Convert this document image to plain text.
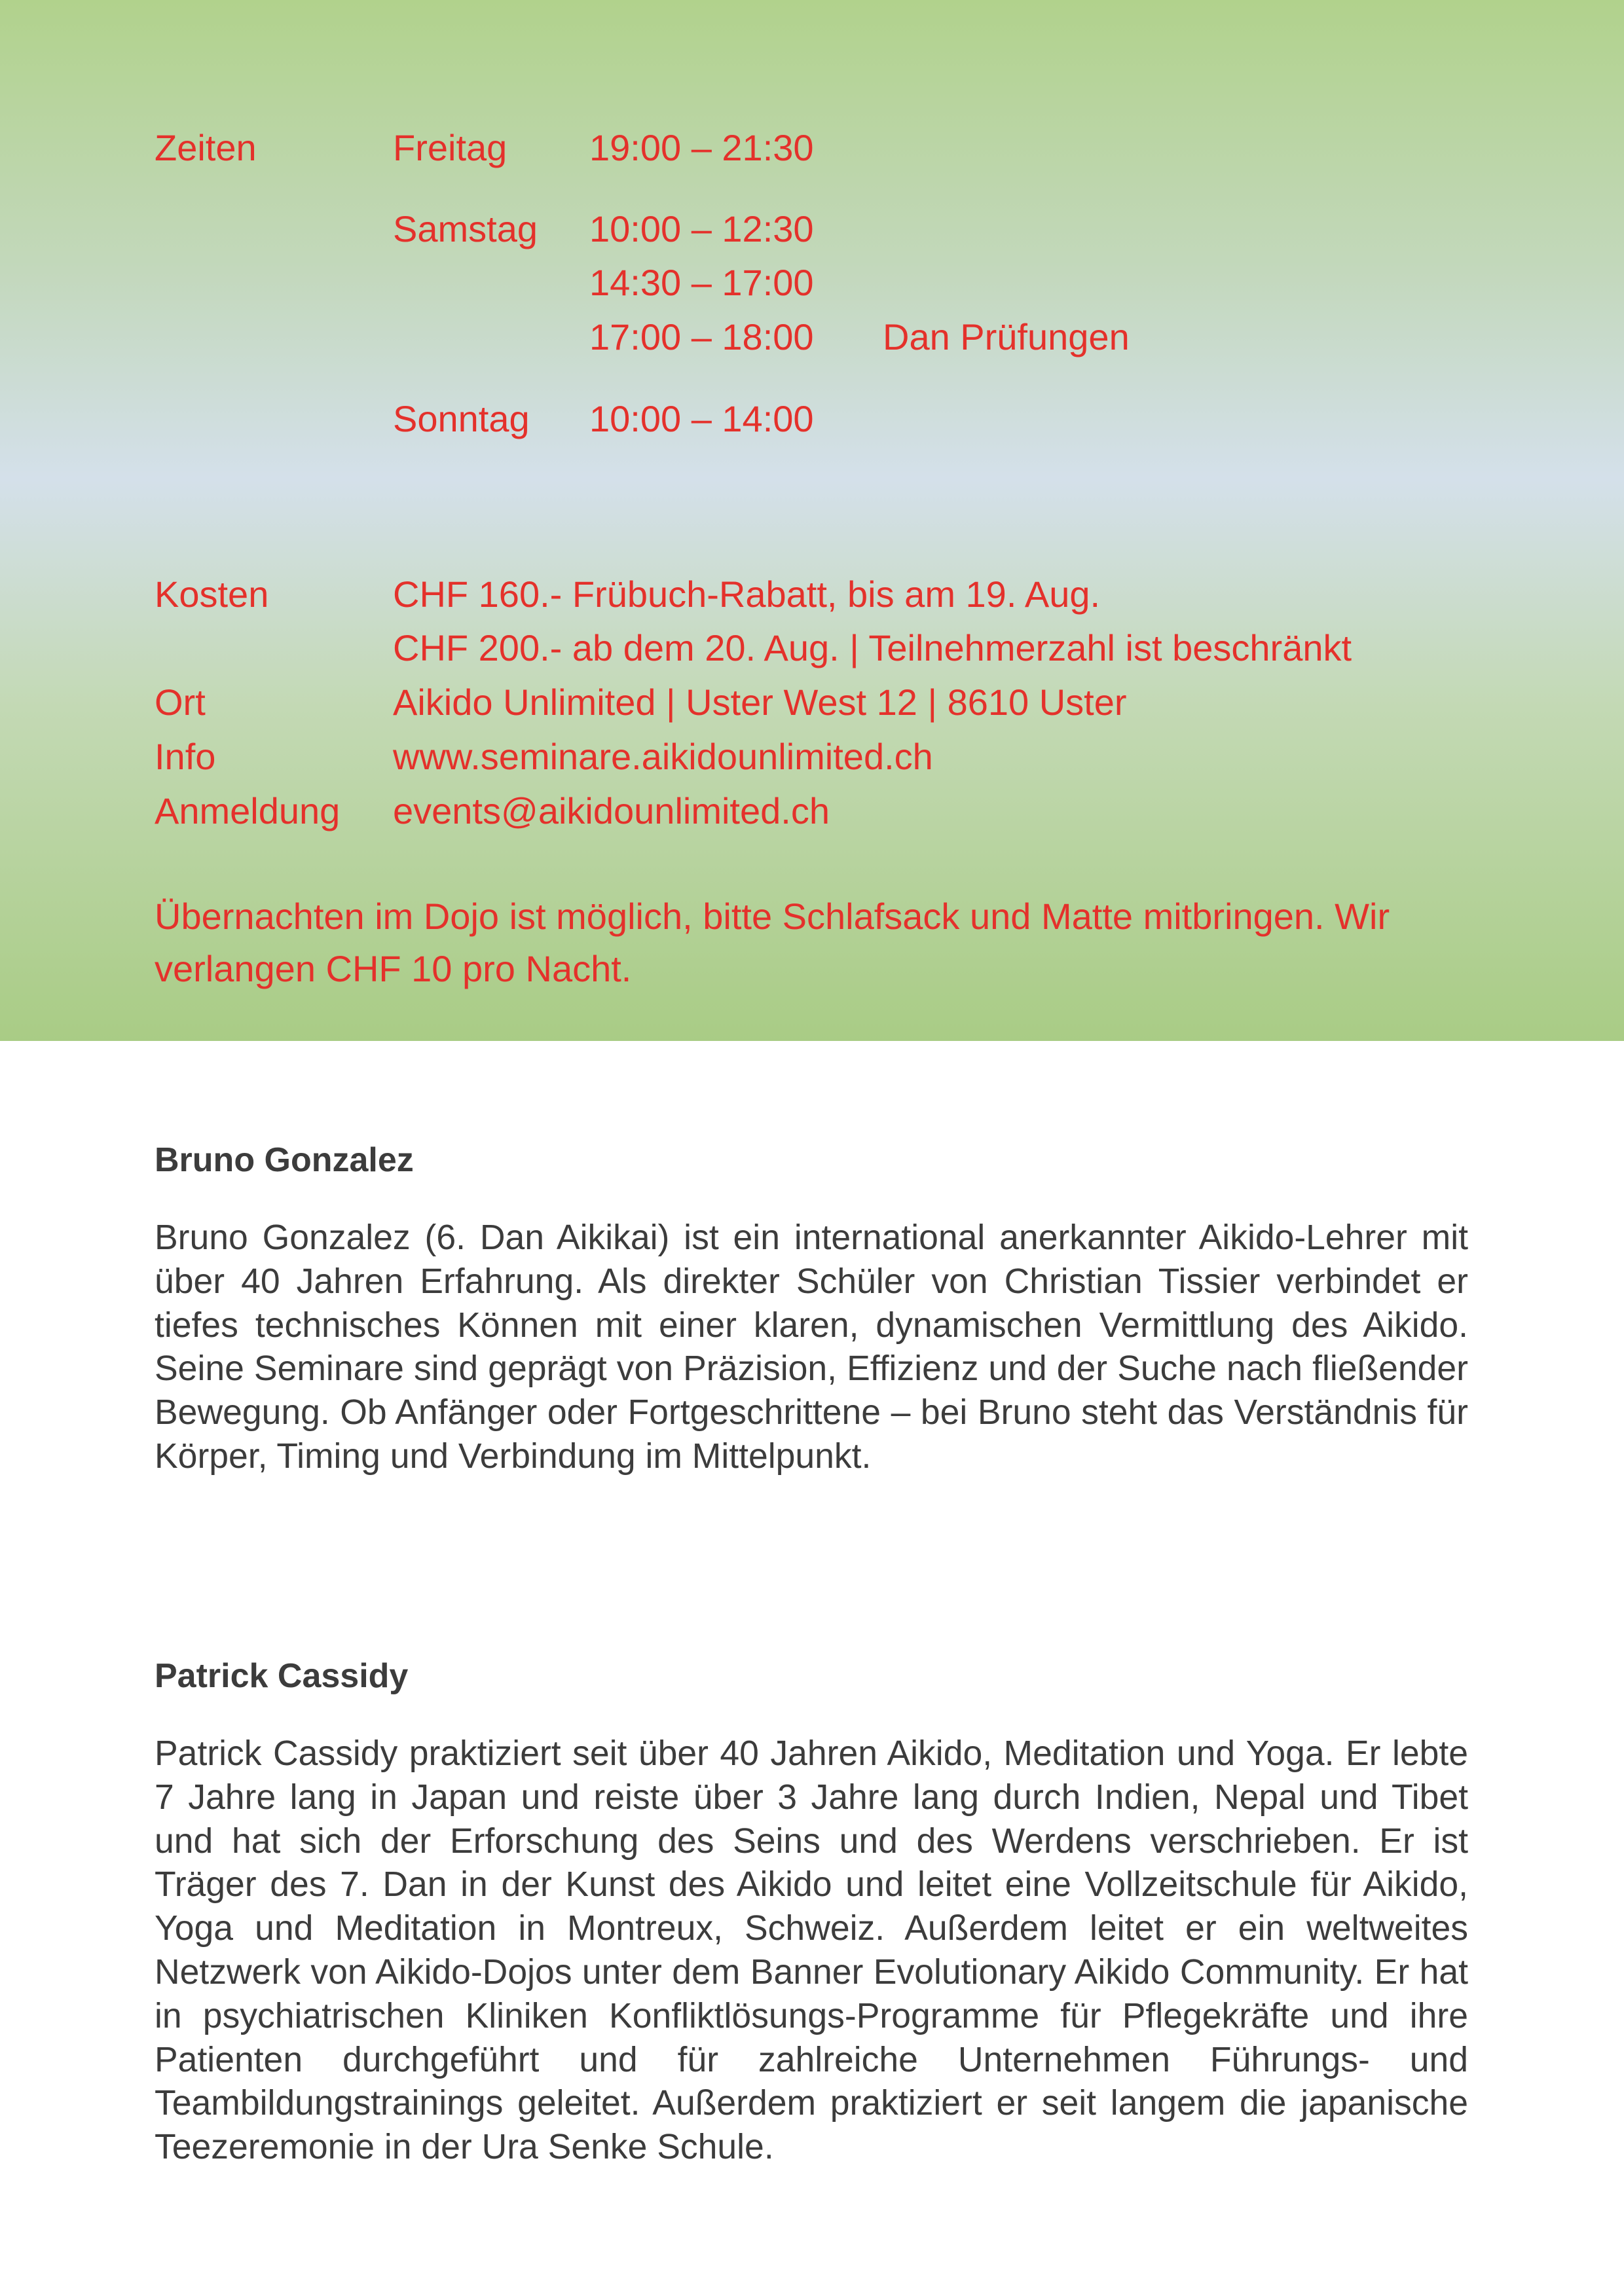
Zeiten	Freitag 19:00 – 21:30
Samstag 10:00 – 12:30
14:30 – 17:00
17:00 – 18:00 Dan Prüfungen
Sonntag 10:00 – 14:00
Kosten	CHF 160.- Frübuch-Rabatt, bis am 19. Aug.
CHF 200.- ab dem 20. Aug. | Teilnehmerzahl ist beschränkt
Ort	Aikido Unlimited | Uster West 12 | 8610 Uster
Info	www.seminare.aikidounlimited.ch
Anmeldung events@aikidounlimited.ch
Übernachten im Dojo ist möglich, bitte Schlafsack und Matte mitbringen. Wir
verlangen CHF 10 pro Nacht.
Bruno Gonzalez

Bruno Gonzalez (6. Dan Aikikai) ist ein international anerkannter Aikido-Lehrer mit über 40 Jahren Erfahrung. Als direkter Schüler von Christian Tissier verbindet er tiefes technisches Können mit einer klaren, dynamischen Vermittlung des Aikido. Seine Seminare sind geprägt von Präzision, Effizienz und der Suche nach fließender Bewegung. Ob Anfänger oder Fortgeschrittene – bei Bruno steht das Verständnis für Körper, Timing und Verbindung im Mittelpunkt.

Patrick Cassidy

Patrick Cassidy praktiziert seit über 40 Jahren Aikido, Meditation und Yoga. Er lebte 7 Jahre lang in Japan und reiste über 3 Jahre lang durch Indien, Nepal und Tibet und hat sich der Erforschung des Seins und des Werdens verschrieben. Er ist Träger des 7. Dan in der Kunst des Aikido und leitet eine Vollzeitschule für Aikido, Yoga und Meditation in Montreux, Schweiz. Außerdem leitet er ein weltweites Netzwerk von Aikido-Dojos unter dem Banner Evolutionary Aikido Community. Er hat in psychiatrischen Kliniken Konfliktlösungs-Programme für Pflegekräfte und ihre Patienten durchgeführt und für zahlreiche Unternehmen Führungs- und Teambildungstrainings geleitet. Außerdem praktiziert er seit langem die japanische Teezeremonie in der Ura Senke Schule.
